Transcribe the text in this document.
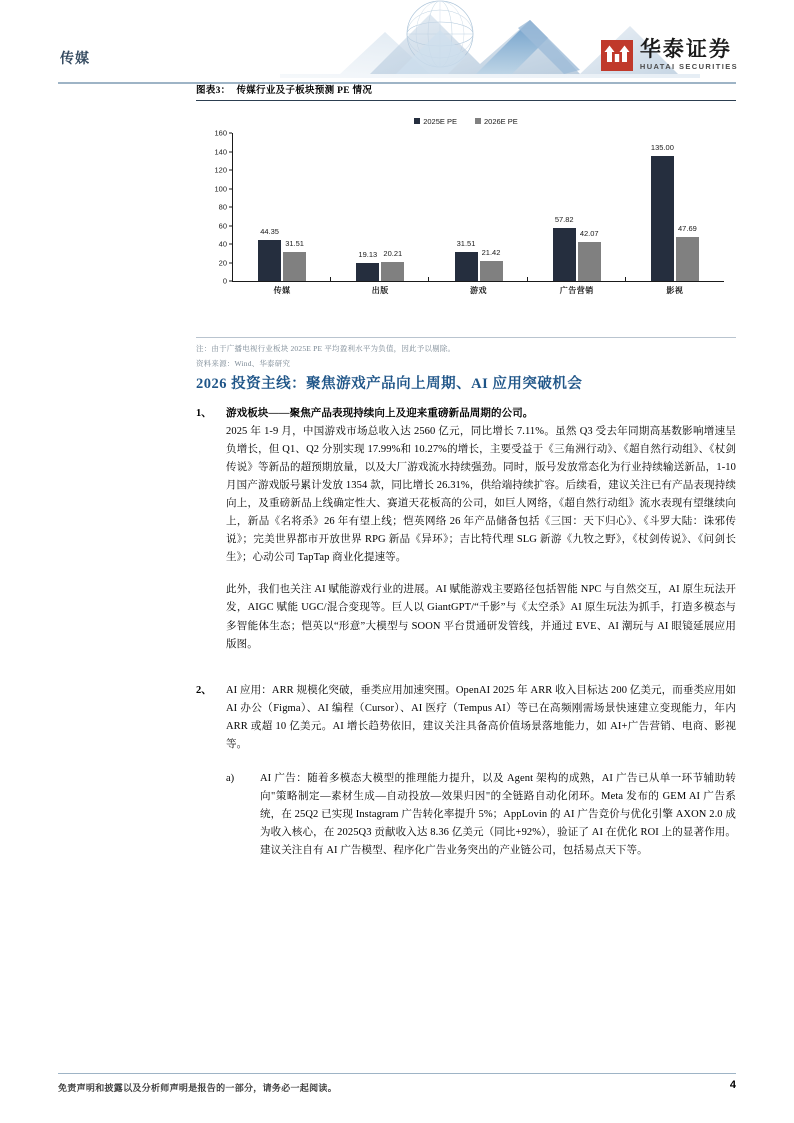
传媒	华泰证券
HUATAI SECURITIES
图表3： 传媒行业及子板块预测 PE 情况
2025E PE	2026E PE
160
140
120
100
80
60
40
20
0
44.35
31.51
19.13 20.21
31.51
21.42
57.82
42.07
135.00
47.69
传媒	出版	游戏	广告营销	影视
注：由于广播电视行业板块 2025E PE 平均盈利水平为负值，因此予以剔除。
资料来源：Wind、华泰研究
2026 投资主线：聚焦游戏产品向上周期、AI 应用突破机会
1、	游戏板块——聚焦产品表现持续向上及迎来重磅新品周期的公司。

2025 年 1-9 月，中国游戏市场总收入达 2560 亿元，同比增长 7.11%。虽然 Q3 受去年同期高基数影响增速呈负增长，但 Q1、Q2 分别实现 17.99%和 10.27%的增长，主要受益于《三角洲行动》、《超自然行动组》、《杖剑传说》等新品的超预期放量，以及大厂游戏流水持续强劲。同时，版号发放常态化为行业持续输送新品，1-10 月国产游戏版号累计发放 1354 款，同比增长 26.31%，供给端持续扩容。后续看，建议关注已有产品表现持续向上，及重磅新品上线确定性大、赛道天花板高的公司，如巨人网络，《超自然行动组》流水表现有望继续向上，新品《名将杀》26 年有望上线；恺英网络 26 年产品储备包括《三国：天下归心》、《斗罗大陆：诛邪传说》；完美世界都市开放世界 RPG 新品《异环》；吉比特代理 SLG 新游《九牧之野》，《杖剑传说》、《问剑长生》；心动公司 TapTap 商业化提速等。

此外，我们也关注 AI 赋能游戏行业的进展。AI 赋能游戏主要路径包括智能 NPC 与自然交互，AI 原生玩法开发，AIGC 赋能 UGC/混合变现等。巨人以 GiantGPT/“千影”与《太空杀》AI 原生玩法为抓手，打造多模态与多智能体生态；恺英以“形意”大模型与 SOON 平台贯通研发管线，并通过 EVE、AI 潮玩与 AI 眼镜延展应用版图。

2、	AI 应用：ARR 规模化突破，垂类应用加速突围。OpenAI 2025 年 ARR 收入目标达 200 亿美元，而垂类应用如 AI 办公（Figma）、AI 编程（Cursor）、AI 医疗（Tempus AI）等已在高频刚需场景快速建立变现能力，年内 ARR 或超 10 亿美元。AI 增长趋势依旧，建议关注具备高价值场景落地能力，如 AI+广告营销、电商、影视等。

a)	AI 广告：随着多模态大模型的推理能力提升，以及 Agent 架构的成熟，AI 广告已从单一环节辅助转向"策略制定—素材生成—自动投放—效果归因"的全链路自动化闭环。Meta 发布的 GEM AI 广告系统，在 25Q2 已实现 Instagram 广告转化率提升 5%；AppLovin 的 AI 广告竞价与优化引擎 AXON 2.0 成为收入核心，在 2025Q3 贡献收入达 8.36 亿美元（同比+92%），验证了 AI 在优化 ROI 上的显著作用。建议关注自有 AI 广告模型、程序化广告业务突出的产业链公司，包括易点天下等。

免责声明和披露以及分析师声明是报告的一部分，请务必一起阅读。	4
